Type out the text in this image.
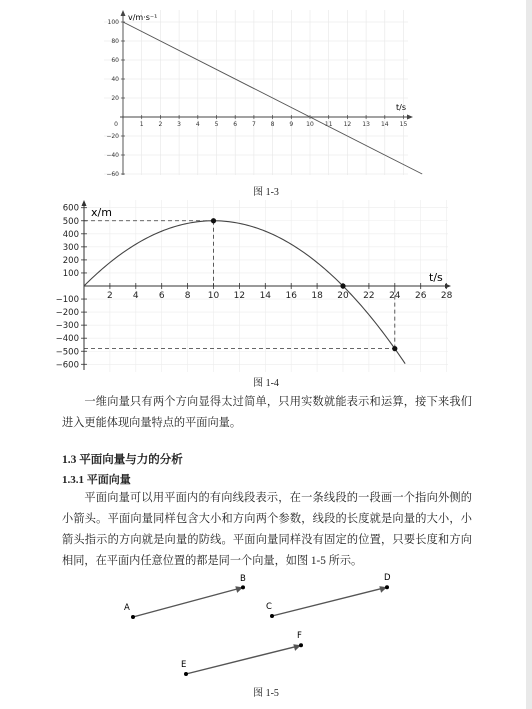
0	1 2 3 4 5 6 7 8 9 10 11 12 13 14 15
100
80
60
40
20
−20
−40
−60
v/m·s⁻¹
t/s
图 1-3
2 4 6 8 10 12 14 16 18 20 22 24 26 28
600
500
400
300
200
100
−100
−200
−300
−400
−500
−600
x/m
t/s
图 1-4

一维向量只有两个方向显得太过简单，只用实数就能表示和运算，接下来我们进入更能体现向量特点的平面向量。

1.3 平面向量与力的分析
1.3.1 平面向量

平面向量可以用平面内的有向线段表示，在一条线段的一段画一个指向外侧的小箭头。平面向量同样包含大小和方向两个参数，线段的长度就是向量的大小，小箭头指示的方向就是向量的防线。平面向量同样没有固定的位置，只要长度和方向相同，在平面内任意位置的都是同一个向量，如图 1-5 所示。

A
B
C
D
E
F
图 1-5
